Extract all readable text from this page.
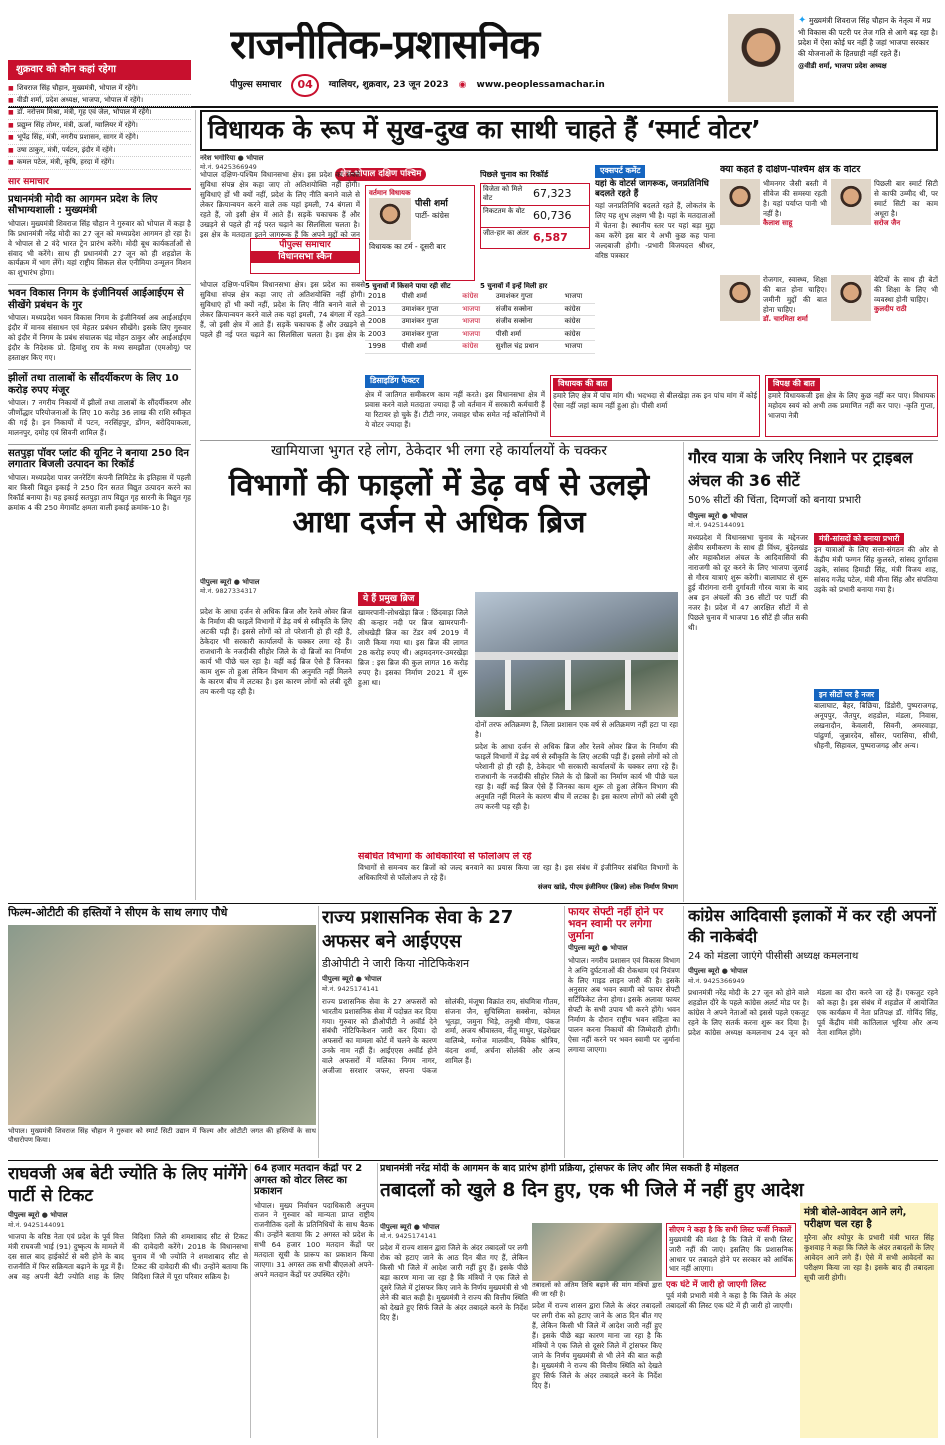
राजनीतिक-प्रशासनिक
पीपुल्स समाचार	04	ग्वालियर, शुक्रवार, 23 जून 2023 ◉ www.peoplessamachar.in
✦ मुख्यमंत्री शिवराज सिंह चौहान के नेतृत्व में मप्र भी विकास की पटरी पर तेज गति से आगे बढ़ रहा है। प्रदेश में ऐसा कोई घर नहीं है जहां भाजपा सरकार की योजनाओं के हितग्राही नहीं रहते हैं।
@वीडी शर्मा, भाजपा प्रदेश अध्यक्ष
शुक्रवार को कौन कहां रहेगा
■ शिवराज सिंह चौहान, मुख्यमंत्री, भोपाल में रहेंगे।
■ वीडी शर्मा, प्रदेश अध्यक्ष, भाजपा, भोपाल में रहेंगे।
■ डॉ. नरोत्तम मिश्रा, मंत्री, गृह एवं जेल, भोपाल में रहेंगे।
■ प्रद्युम्न सिंह तोमर, मंत्री, ऊर्जा, ग्वालियर में रहेंगे।
■ भूपेंद्र सिंह, मंत्री, नगरीय प्रशासन, सागर में रहेंगे।
■ उषा ठाकुर, मंत्री, पर्यटन, इंदौर में रहेंगे।
■ कमल पटेल, मंत्री, कृषि, हरदा में रहेंगे।
सार समाचार
प्रधानमंत्री मोदी का आगमन प्रदेश के लिए सौभाग्यशाली : मुख्यमंत्री
भोपाल। मुख्यमंत्री शिवराज सिंह चौहान ने गुरुवार को भोपाल में कहा है कि प्रधानमंत्री नरेंद्र मोदी का 27 जून को मध्यप्रदेश आगमन हो रहा है। वे भोपाल से 2 वंदे भारत ट्रेन प्रारंभ करेंगे। मोदी बूथ कार्यकर्ताओं से संवाद भी करेंगे। साथ ही प्रधानमंत्री 27 जून को ही शहडोल के कार्यक्रम में भाग लेंगे। यहां राष्ट्रीय सिकल सेल एनीमिया उन्मूलन मिशन का शुभारंभ होगा।
भवन विकास निगम के इंजीनियर्स आईआईएम से सीखेंगे प्रबंधन के गुर
भोपाल। मध्यप्रदेश भवन विकास निगम के इंजीनियर्स अब आईआईएम इंदौर में मानव संसाधन एवं मेहतर प्रबंधन सीखेंगे। इसके लिए गुरुवार को इंदौर में निगम के प्रबंध संचालक चंद्र मोहन ठाकुर और आईआईएम इंदौर के निदेशक प्रो. हिमांशु राय के मध्य समझौता (एमओयू) पर हस्ताक्षर किए गए।
झीलों तथा तालाबों के सौंदर्यीकरण के लिए 10 करोड़ रुपए मंजूर
भोपाल। 7 नगरीय निकायों में झीलों तथा तालाबों के सौंदर्यीकरण और जीर्णोद्धार परियोजनाओं के लिए 10 करोड़ 36 लाख की राशि स्वीकृत की गई है। इन निकायों में पटन, नरसिंहपुर, डोंगन, बरोदियाकला, मालनपुर, दमोह एवं सिवनी शामिल हैं।
सतपुड़ा पॉवर प्लांट की यूनिट ने बनाया 250 दिन लगातार बिजली उत्पादन का रिकॉर्ड
भोपाल। मध्यप्रदेश पावर जनरेटिंग कंपनी लिमिटेड के इतिहास में पहली बार किसी विद्युत इकाई ने 250 दिन सतत विद्युत उत्पादन करने का रिकॉर्ड बनाया है। यह इकाई सतपुड़ा ताप विद्युत गृह सारनी के विद्युत गृह क्रमांक 4 की 250 मेगावॉट क्षमता वाली इकाई क्रमांक-10 है।
विधायक के रूप में सुख-दुख का साथी चाहते हैं ‘स्मार्ट वोटर’
नरेश भगोरिया ● भोपाल
मो.नं. 9425366949
क्षेत्र-भोपाल दक्षिण पश्चिम
वर्तमान विधायक
पीसी शर्मा
पार्टी- कांग्रेस
विधायक का टर्म - दूसरी बार
पीपुल्स समाचार
विधानसभा स्कैन
भोपाल दक्षिण-पश्चिम विधानसभा क्षेत्र। इस प्रदेश का सबसे सुविधा संपन्न क्षेत्र कहा जाए तो अतिशयोक्ति नहीं होगी। सुविधाएं हों भी क्यों नहीं, प्रदेश के लिए नीति बनाने वाले से लेकर क्रियान्वयन करने वाले तक यहां इमली, 74 बंगला में रहते हैं, जो इसी क्षेत्र में आते हैं। सड़कें चकाचक हैं और उखड़ने से पहले ही नई परत चढ़ाने का सिलसिला चलता है। इस क्षेत्र के
भोपाल दक्षिण-पश्चिम विधानसभा क्षेत्र। इस प्रदेश का सबसे सुविधा संपन्न क्षेत्र कहा जाए तो अतिशयोक्ति नहीं होगी। सुविधाएं हों भी क्यों नहीं, प्रदेश के लिए नीति बनाने वाले से लेकर क्रियान्वयन करने वाले तक यहां इमली, 74 बंगला में रहते हैं, जो इसी क्षेत्र में आते हैं। सड़कें चकाचक हैं और उखड़ने से पहले ही नई परत चढ़ाने का सिलसिला चलता है। इस क्षेत्र के मतदाता इतने जागरूक हैं कि अपने मुद्दों को जन
पिछले चुनाव का रिकॉर्ड
विजेता को मिले वोट	67,323
निकटतम के वोट 60,736
जीत-हार का अंतर 6,587
5 चुनावों में किसने पाया रही सीट	5 चुनावों में इन्हें मिली हार
2018	पीसी शर्मा	कांग्रेस	उमाशंकर गुप्ता	भाजपा
2013	उमाशंकर गुप्ता	भाजपा	संजीव सक्सेना	कांग्रेस
2008	उमाशंकर गुप्ता	भाजपा	संजीव सक्सेना	कांग्रेस
2003	उमाशंकर गुप्ता	भाजपा	पीसी शर्मा	कांग्रेस
1998	पीसी शर्मा	कांग्रेस	सुशील चंद्र प्रधान	भाजपा
एक्सपर्ट कमेंट
यहां के वोटर्स जागरूक, जनप्रतिनिधि बदलते रहते हैं
यहां जनप्रतिनिधि बदलते रहते हैं, लोकतंत्र के लिए यह शुभ लक्षण भी है। यहां के मतदाताओं में चेतना है। स्थानीय स्तर पर यहां बड़ा मुद्दा कम करेंगे इस बार ये अभी कुछ कह पाना जल्दबाजी होगी। -प्रभारी विजयदत्त श्रीधर, वरिष्ठ पत्रकार
क्या कहते हैं दक्षिण-पश्चिम क्षेत्र के वोटर
भीमनगर जैसी बस्ती में सीवेज की समस्या रहती है। यहां पर्याप्त पानी भी नहीं है।
कैलाश साहू
पिछली बार स्मार्ट सिटी से काफी उम्मीद थी, पर स्मार्ट सिटी का काम अधूरा है।
सरोज जैन
रोजगार, स्वास्थ्य, शिक्षा की बात होना चाहिए। जमीनी मुद्दों की बात होना चाहिए।
डॉ. चारमिता शर्मा
बेटियों के साथ ही बेटों की शिक्षा के लिए भी व्यवस्था होनी चाहिए।
कुलदीप राठी
डिसाइडिंग फैक्टर
क्षेत्र में जातिगत समीकरण काम नहीं करते। इस विधानसभा क्षेत्र में प्रवास करने वाले मतदाता ज्यादा हैं जो वर्तमान में सरकारी कर्मचारी हैं या रिटायर हो चुके हैं। टीटी नगर, जवाहर चौक समेत नई कॉलोनियों में ये वोटर ज्यादा हैं।
विधायक की बात
हमारे लिए क्षेत्र में पांच मांग थी। भदभदा से बीलखेड़ा तक इन पांच मांग में कोई ऐसा नहीं जहां काम नहीं हुआ हो। पीसी शर्मा
विपक्ष की बात
हमारे विधायकजी इस क्षेत्र के लिए कुछ नहीं कर पाए। विधायक महोदय स्वयं को अभी तक प्रमाणित नहीं कर पाए। -कृति गुप्ता, भाजपा नेत्री
खामियाजा भुगत रहे लोग, ठेकेदार भी लगा रहे कार्यालयों के चक्कर
विभागों की फाइलों में डेढ़ वर्ष से उलझे आधा दर्जन से अधिक ब्रिज
पीपुल्स ब्यूरो ● भोपाल
मो.नं. 9827334317
प्रदेश के आधा दर्जन से अधिक ब्रिज और रेलवे ओवर ब्रिज के निर्माण की फाइलें विभागों में डेढ़ वर्ष से स्वीकृति के लिए अटकी पड़ी हैं। इससे लोगों को तो परेशानी हो ही रही है, ठेकेदार भी सरकारी कार्यालयों के चक्कर लगा रहे हैं। राजधानी के नजदीकी सीहोर जिले के दो ब्रिजों का निर्माण कार्य भी पीछे चल रहा है। वहीं कई ब्रिज ऐसे हैं जिनका काम शुरू तो हुआ लेकिन विभाग की अनुमति नहीं मिलने के कारण बीच में लटका है। इस कारण लोगों को लंबी दूरी तय करनी पड़ रही है।
ये हैं प्रमुख ब्रिज
खामरपानी-लोधखेड़ा ब्रिज : छिंदवाड़ा जिले की कन्हार नदी पर ब्रिज खामरपानी-लोधखेड़ी ब्रिज का टेंडर वर्ष 2019 में जारी किया गया था। इस ब्रिज की लागत 28 करोड़ रुपए थी। अहमदनगर-उमरखेड़ा ब्रिज : इस ब्रिज की कुल लागत 16 करोड़ रुपए है। इसका निर्माण 2021 में शुरू हुआ था।
दोनों तरफ अतिक्रमण है, जिला प्रशासन एक वर्ष से अतिक्रमण नहीं हटा पा रहा है।
प्रदेश के आधा दर्जन से अधिक ब्रिज और रेलवे ओवर ब्रिज के निर्माण की फाइलें विभागों में डेढ़ वर्ष से स्वीकृति के लिए अटकी पड़ी हैं। इससे लोगों को तो परेशानी हो ही रही है, ठेकेदार भी सरकारी कार्यालयों के चक्कर लगा रहे हैं। राजधानी के नजदीकी सीहोर जिले के दो ब्रिजों का निर्माण कार्य भी पीछे चल रहा है। वहीं कई ब्रिज ऐसे हैं जिनका काम शुरू तो हुआ लेकिन विभाग की अनुमति नहीं मिलने के कारण बीच में लटका है। इस कारण लोगों को लंबी दूरी तय करनी पड़ रही है।
संबंधित विभागों के अधिकारियों से फॉलोअप ले रहे
विभागों से समन्वय कर ब्रिजों को जल्द बनवाने का प्रयास किया जा रहा है। इस संबंध में इंजीनियर संबंधित विभागों के अधिकारियों से फॉलोअप ले रहे हैं।
संजय खांडे, पीएम इंजीनियर (ब्रिज) लोक निर्माण विभाग
गौरव यात्रा के जरिए निशाने पर ट्राइबल अंचल की 36 सीटें
50% सीटों की चिंता, दिग्गजों को बनाया प्रभारी
पीपुल्स ब्यूरो ● भोपाल
मो.नं. 9425144091
मध्यप्रदेश में विधानसभा चुनाव के मद्देनजर क्षेत्रीय समीकरण के साथ ही विंध्य, बुंदेलखंड और महाकौशल अंचल के आदिवासियों की नाराजगी को दूर करने के लिए भाजपा जुलाई से गौरव यात्राएं शुरू करेगी। बालाघाट से शुरू हुई वीरांगना रानी दुर्गावती गौरव यात्रा के बाद अब इन अंचलों की 36 सीटों पर पार्टी की नजर है। प्रदेश में 47 आरक्षित सीटों में से पिछले चुनाव में भाजपा 16 सीटें ही जीत सकी थी।
मंत्री-सांसदों को बनाया प्रभारी
इन यात्राओं के लिए सत्ता-संगठन की ओर से केंद्रीय मंत्री फग्गन सिंह कुलस्ते, सांसद दुर्गादास उइके, सांसद हिमाद्री सिंह, मंत्री विजय शाह, सांसद गजेंद्र पटेल, मंत्री मीना सिंह और संपतिया उइके को प्रभारी बनाया गया है।
इन सीटों पर है नजर
बालाघाट, बैहर, बिछिया, डिंडोरी, पुष्पराजगढ़, अनूपपुर, जैतपुर, शहडोल, मंडला, निवास, लखनादौन, केवलारी, सिवनी, अमरवाड़ा, पांढुर्णा, जुन्नारदेव, सौंसर, परासिया, सीधी, धौहनी, सिहावल, पुष्पराजगढ़ और अन्य।
फिल्म-ओटीटी की हस्तियों ने सीएम के साथ लगाए पौधे
भोपाल। मुख्यमंत्री शिवराज सिंह चौहान ने गुरुवार को स्मार्ट सिटी उद्यान में फिल्म और ओटीटी जगत की हस्तियों के साथ पौधारोपण किया।
राज्य प्रशासनिक सेवा के 27 अफसर बने आईएएस
डीओपीटी ने जारी किया नोटिफिकेशन
पीपुल्स ब्यूरो ● भोपाल
मो.नं. 9425174141
राज्य प्रशासनिक सेवा के 27 अफसरों को भारतीय प्रशासनिक सेवा में पदोन्नत कर दिया गया। गुरुवार को डीओपीटी ने अवॉर्ड देने संबंधी नोटिफिकेशन जारी कर दिया। दो अफसरों का मामला कोर्ट में चलने के कारण उनके नाम नहीं हैं। आईएएस अवॉर्ड होने वाले अफसरों में मलिका निगम नागर, अजीजा सरशार जफर, सपना पंकज सोलंकी, मंजूषा विक्रांत राय, संघमित्रा गौतम, संजना जैन, सुचिस्मिता सक्सेना, कोमल भूतड़ा, जमुना भिड़े, तनुश्री मीणा, पंकज शर्मा, अजय श्रीवास्तव, नीतू माथुर, चंद्रशेखर वालिम्बे, मनोज मालवीय, विवेक श्रोत्रिय, वंदना शर्मा, अर्चना सोलंकी और अन्य शामिल हैं।
फायर सेफ्टी नहीं होने पर भवन स्वामी पर लगेगा जुर्माना
पीपुल्स ब्यूरो ● भोपाल
भोपाल। नगरीय प्रशासन एवं विकास विभाग ने अग्नि दुर्घटनाओं की रोकथाम एवं नियंत्रण के लिए गाइड लाइन जारी की है। इसके अनुसार अब भवन स्वामी को फायर सेफ्टी सर्टिफिकेट लेना होगा। इसके अलावा फायर सेफ्टी के सभी उपाय भी करने होंगे। भवन निर्माण के दौरान राष्ट्रीय भवन संहिता का पालन करना निकायों की जिम्मेदारी होगी। ऐसा नहीं करने पर भवन स्वामी पर जुर्माना लगाया जाएगा।
कांग्रेस आदिवासी इलाकों में कर रही अपनों की नाकेबंदी
24 को मंडला जाएंगे पीसीसी अध्यक्ष कमलनाथ
पीपुल्स ब्यूरो ● भोपाल
मो.नं. 9425366949
प्रधानमंत्री नरेंद्र मोदी के 27 जून को होने वाले शहडोल दौरे के पहले कांग्रेस अलर्ट मोड पर है। कांग्रेस ने अपने नेताओं को इससे पहले एकजुट रहने के लिए सतर्क करना शुरू कर दिया है। प्रदेश कांग्रेस अध्यक्ष कमलनाथ 24 जून को मंडला का दौरा करने जा रहे हैं। एकजुट रहने को कहा है। इस संबंध में शहडोल में आयोजित एक कार्यक्रम में नेता प्रतिपक्ष डॉ. गोविंद सिंह, पूर्व केंद्रीय मंत्री कांतिलाल भूरिया और अन्य नेता शामिल होंगे।
राघवजी अब बेटी ज्योति के लिए मांगेंगे पार्टी से टिकट
पीपुल्स ब्यूरो ● भोपाल
मो.नं. 9425144091
भाजपा के वरिष्ठ नेता एवं प्रदेश के पूर्व वित्त मंत्री राघवजी भाई (91) दुष्कृत्य के मामले में दस साल बाद हाईकोर्ट से बरी होने के बाद राजनीति में फिर सक्रियता बढ़ाने के मूड में हैं। अब वह अपनी बेटी ज्योति शाह के लिए विदिशा जिले की शमशाबाद सीट से टिकट की दावेदारी करेंगे। 2018 के विधानसभा चुनाव में भी ज्योति ने शमशाबाद सीट से टिकट की दावेदारी की थी। उन्होंने बताया कि विदिशा जिले में पूरा परिवार सक्रिय है।
64 हजार मतदान केंद्रों पर 2 अगस्त को वोटर लिस्ट का प्रकाशन
भोपाल। मुख्य निर्वाचन पदाधिकारी अनुपम राजन ने गुरुवार को मान्यता प्राप्त राष्ट्रीय राजनीतिक दलों के प्रतिनिधियों के साथ बैठक की। उन्होंने बताया कि 2 अगस्त को प्रदेश के सभी 64 हजार 100 मतदान केंद्रों पर मतदाता सूची के प्रारूप का प्रकाशन किया जाएगा। 31 अगस्त तक सभी बीएलओ अपने-अपने मतदान केंद्रों पर उपस्थित रहेंगे।
प्रधानमंत्री नरेंद्र मोदी के आगमन के बाद प्रारंभ होगी प्रक्रिया, ट्रांसफर के लिए और मिल सकती है मोहलत
तबादलों को खुले 8 दिन हुए, एक भी जिले में नहीं हुए आदेश
पीपुल्स ब्यूरो ● भोपाल
मो.नं. 9425174141
प्रदेश में राज्य शासन द्वारा जिले के अंदर तबादलों पर लगी रोक को हटाए जाने के आठ दिन बीत गए हैं, लेकिन किसी भी जिले में आदेश जारी नहीं हुए हैं। इसके पीछे बड़ा कारण माना जा रहा है कि मंत्रियों ने एक जिले से दूसरे जिले में ट्रांसफर किए जाने के निर्णय मुख्यमंत्री से भी लेने की बात कही है। मुख्यमंत्री ने राज्य की वित्तीय स्थिति को देखते हुए सिर्फ जिले के अंदर तबादले करने के निर्देश दिए हैं।
तबादलों को अंतिम तिथि बढ़ाने की मांग मंत्रियों द्वारा की जा रही है।
प्रदेश में राज्य शासन द्वारा जिले के अंदर तबादलों पर लगी रोक को हटाए जाने के आठ दिन बीत गए हैं, लेकिन किसी भी जिले में आदेश जारी नहीं हुए हैं। इसके पीछे बड़ा कारण माना जा रहा है कि मंत्रियों ने एक जिले से दूसरे जिले में ट्रांसफर किए जाने के निर्णय मुख्यमंत्री से भी लेने की बात कही है। मुख्यमंत्री ने राज्य की वित्तीय स्थिति को देखते हुए सिर्फ जिले के अंदर तबादले करने के निर्देश दिए हैं।
सीएम ने कहा है कि सभी लिस्ट फर्जी निकालें
मुख्यमंत्री की मंशा है कि जिले में सभी लिस्ट जारी नहीं की जाएं। इसलिए कि प्रशासनिक आधार पर तबादले होने पर सरकार को आर्थिक भार नहीं आएगा।
एक घंटे में जारी हो जाएगी लिस्ट
पूर्व मंत्री प्रभारी मंत्री ने कहा है कि जिले के अंदर तबादलों की लिस्ट एक घंटे में ही जारी हो जाएगी।
मंत्री बोले-आवेदन आने लगे, परीक्षण चल रहा है
मुरैना और श्योपुर के प्रभारी मंत्री भारत सिंह कुशवाह ने कहा कि जिले के अंदर तबादलों के लिए आवेदन आने लगे हैं। ऐसे में सभी आवेदनों का परीक्षण किया जा रहा है। इसके बाद ही तबादला सूची जारी होगी।
